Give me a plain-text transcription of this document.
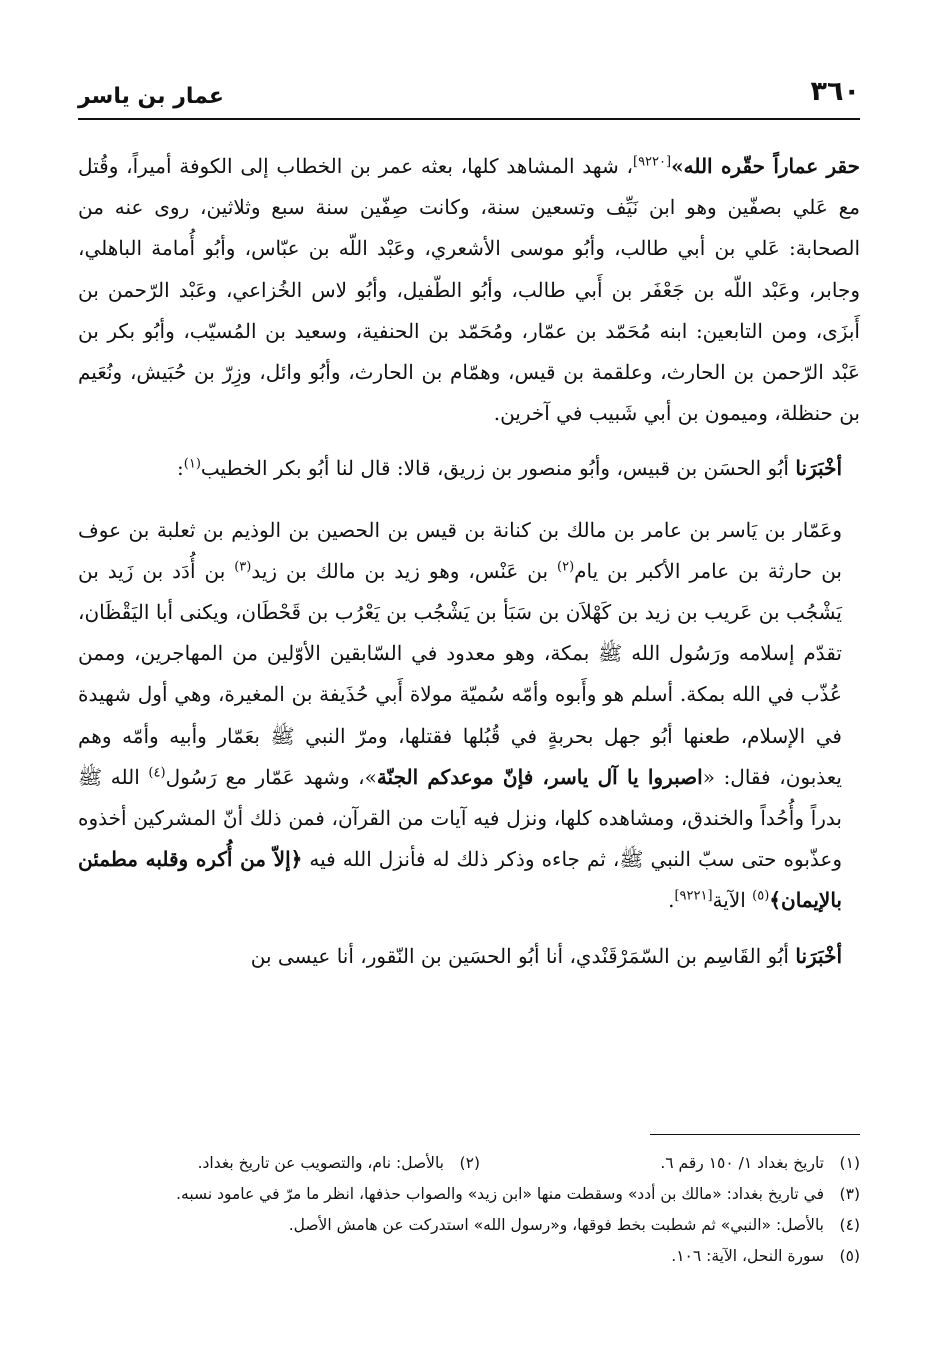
٣٦٠
عمار بن ياسر

حقر عماراً حقّره الله»[٩٢٢٠]، شهد المشاهد كلها، بعثه عمر بن الخطاب إلى الكوفة أميراً، وقُتل مع عَلي بصفّين وهو ابن نَيِّف وتسعين سنة، وكانت صِفّين سنة سبع وثلاثين، روى عنه من الصحابة: عَلي بن أبي طالب، وأبُو موسى الأشعري، وعَبْد اللّه بن عبّاس، وأبُو أُمامة الباهلي، وجابر، وعَبْد اللّه بن جَعْفَر بن أَبي طالب، وأبُو الطّفيل، وأبُو لاس الخُزاعي، وعَبْد الرّحمن بن أَبزَى، ومن التابعين: ابنه مُحَمّد بن عمّار، ومُحَمّد بن الحنفية، وسعيد بن المُسيّب، وأبُو بكر بن عَبْد الرّحمن بن الحارث، وعلقمة بن قيس، وهمّام بن الحارث، وأبُو وائل، وزِرّ بن حُبَيش، ونُعَيم بن حنظلة، وميمون بن أبي شَبيب في آخرين.

أخْبَرَنا أبُو الحسَن بن قبيس، وأبُو منصور بن زريق، قالا: قال لنا أبُو بكر الخطيب$^{(١)}$:

وعَمّار بن يَاسر بن عامر بن مالك بن كنانة بن قيس بن الحصين بن الوذيم بن ثعلبة بن عوف بن حارثة بن عامر الأكبر بن يام$^{(٢)}$ بن عَنْس، وهو زيد بن مالك بن زيد$^{(٣)}$ بن أُدَد بن زَيد بن يَشْجُب بن عَريب بن زيد بن كَهْلاَن بن سَبَأ بن يَشْجُب بن يَعْرُب بن قَحْطَان، ويكنى أبا اليَقْظَان، تقدّم إسلامه ورَسُول الله ﷺ بمكة، وهو معدود في السّابقين الأوّلين من المهاجرين، وممن عُذّب في الله بمكة. أسلم هو وأَبوه وأمّه سُميّة مولاة أَبي حُذَيفة بن المغيرة، وهي أول شهيدة في الإسلام، طعنها أبُو جهل بحربةٍ في قُبُلها فقتلها، ومرّ النبي ﷺ بعَمّار وأبيه وأمّه وهم يعذبون، فقال: «اصبروا يا آل ياسر، فإنّ موعدكم الجنّة»، وشهد عَمّار مع رَسُول$^{(٤)}$ الله ﷺ بدراً وأُحُداً والخندق، ومشاهده كلها، ونزل فيه آيات من القرآن، فمن ذلك أنّ المشركين أخذوه وعذّبوه حتى سبّ النبي ﷺ، ثم جاءه وذكر ذلك له فأنزل الله فيه ﴿إلاّ من أُكره وقلبه مطمئن بالإيمان﴾$^{(٥)}$ الآية[٩٢٢١].

أخْبَرَنا أبُو القَاسِم بن السّمَرْقَنْدي، أنا أبُو الحسَين بن النّقور، أنا عيسى بن

(١)تاريخ بغداد ١/ ١٥٠ رقم ٦.
(٢)بالأصل: نام، والتصويب عن تاريخ بغداد.
(٣)
في تاريخ بغداد: «مالك بن أدد» وسقطت منها «ابن زيد» والصواب حذفها، انظر ما مرّ في عامود نسبه.
(٤)
بالأصل: «النبي» ثم شطبت بخط فوقها، و«رسول الله» استدركت عن هامش الأصل.
(٥)
سورة النحل، الآية: ١٠٦.
